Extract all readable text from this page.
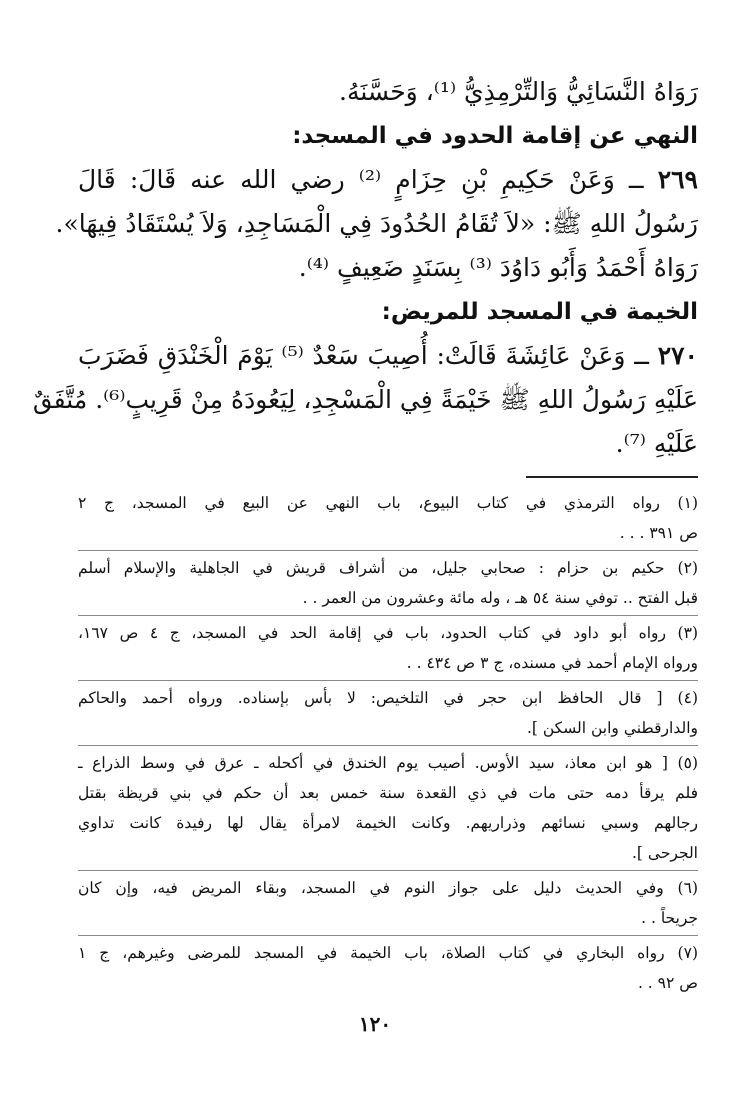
رَوَاهُ النَّسَائِيُّ وَالتِّرْمِذِيُّ ⁽¹⁾، وَحَسَّنَهُ.

النهي عن إقامة الحدود في المسجد:

٢٦٩ ــ وَعَنْ حَكِيمِ بْنِ حِزَامٍ ⁽²⁾ رضي الله عنه قَالَ: قَالَ

رَسُولُ اللهِ ﷺ: «لاَ تُقَامُ الحُدُودَ فِي الْمَسَاجِدِ، وَلاَ يُسْتَقَادُ فِيهَا».

رَوَاهُ أَحْمَدُ وَأَبُو دَاوُدَ ⁽³⁾ بِسَنَدٍ ضَعِيفٍ ⁽⁴⁾.

الخيمة في المسجد للمريض:

٢٧٠ ــ وَعَنْ عَائِشَةَ قَالَتْ: أُصِيبَ سَعْدٌ ⁽⁵⁾ يَوْمَ الْخَنْدَقِ فَضَرَبَ

عَلَيْهِ رَسُولُ اللهِ ﷺ خَيْمَةً فِي الْمَسْجِدِ، لِيَعُودَهُ مِنْ قَرِيبٍ⁽⁶⁾. مُتَّفَقٌ

عَلَيْهِ ⁽⁷⁾.

(١) رواه الترمذي في كتاب البيوع، باب النهي عن البيع في المسجد، ج ٢

ص ٣٩١ . . .

(٢) حكيم بن حزام : صحابي جليل، من أشراف قريش في الجاهلية والإسلام أسلم

قبل الفتح .. توفي سنة ٥٤ هـ ، وله مائة وعشرون من العمر . .

(٣) رواه أبو داود في كتاب الحدود، باب في إقامة الحد في المسجد، ج ٤ ص ١٦٧،

ورواه الإمام أحمد في مسنده، ج ٣ ص ٤٣٤ . .

(٤) [ قال الحافظ ابن حجر في التلخيص: لا بأس بإسناده. ورواه أحمد والحاكم

والدارقطني وابن السكن ].

(٥) [ هو ابن معاذ، سيد الأوس. أصيب يوم الخندق في أكحله ـ عرق في وسط الذراع ـ

فلم يرقأ دمه حتى مات في ذي القعدة سنة خمس بعد أن حكم في بني قريظة بقتل

رجالهم وسبي نسائهم وذراريهم. وكانت الخيمة لامرأة يقال لها رفيدة كانت تداوي

الجرحى ].

(٦) وفي الحديث دليل على جواز النوم في المسجد، وبقاء المريض فيه، وإن كان

جريحاً . .

(٧) رواه البخاري في كتاب الصلاة، باب الخيمة في المسجد للمرضى وغيرهم، ج ١

ص ٩٢ . .

١٢٠
